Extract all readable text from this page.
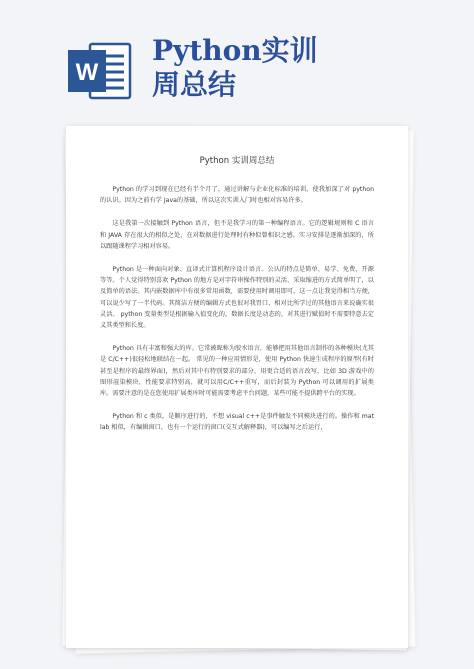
W
Python实训
周总结
Python 实训周总结

Python 的学习到现在已经有半个月了，通过讲解与企业化标准的培训，使我加深了对 python 的认识。因为之前有学 Java的基础，所以这次实训入门时也相对容易许多。

这是我第一次接触到 Python 语言，但不是我学习的第一种编程语言。它的逻辑规则和 C 语言和 JAVA 存在很大的相似之处，在对数据进行处理时有种似曾相识之感。实习安排是逐渐加深的，所以跟随课程学习相对容易。

Python 是一种面向对象、直译式计算机程序设计语言。公认的特点是简单、易学、免费、开源等等。个人觉得特别喜欢 Python 的地方是对字符串操作特别的灵活、采取缩进的方式简单明了，以及简单的语法。其内嵌数据库中有很多常用函数，需要使用时调用即可，这一点让我觉得相当方便，可以说少写了一半代码。其简洁方便的编辑方式也很对我胃口，相对比所学过的其他语言来说确实很灵活。 python 变量类型是根据输入值变化的，数据长度是动态的，对其进行赋值时不需要特意去定义其类型和长度。

Python 具有丰富和强大的库。它常被昵称为胶水语言，能够把用其他语言制作的各种模块(尤其是 C/C++)很轻松地联结在一起。 常见的一种应用情形是，使用 Python 快速生成程序的原型(有时甚至是程序的最终界面)，然后对其中有特别要求的部分，用更合适的语言改写，比如 3D 游戏中的图形渲染模块，性能要求特别高，就可以用C/C++重写，而后封装为 Python 可以调用的扩展类库。需要注意的是在您使用扩展类库时可能需要考虑平台问题，某些可能不提供跨平台的实现。

Python 和 c 类似，是顺序进行的，不想 visual c++是事件触发不同模块进行的。操作和 matlab 相似，有编辑窗口，也有一个运行的窗口(交互式解释器)，可以编写之后运行，
